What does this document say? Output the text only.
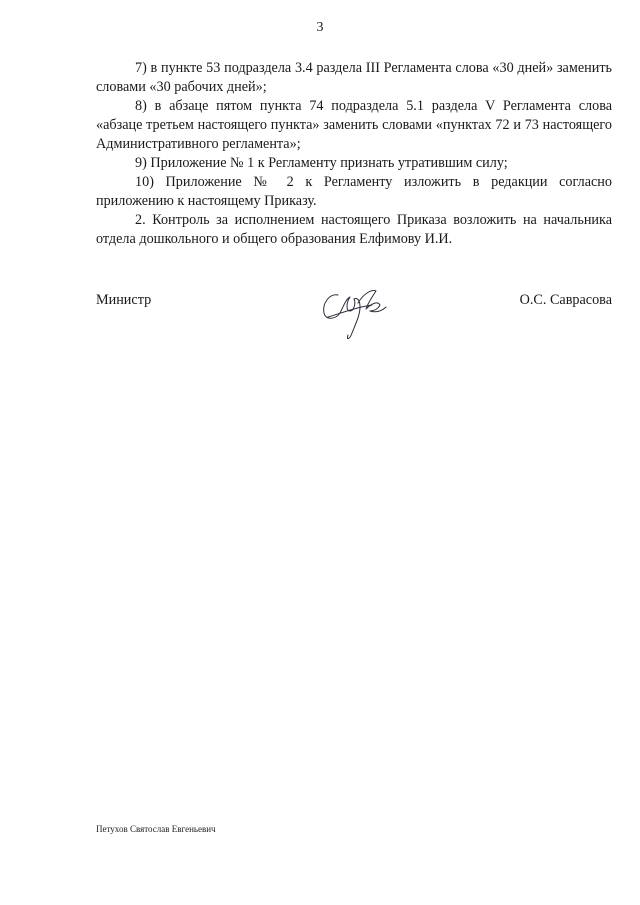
3

7) в пункте 53 подраздела 3.4 раздела III Регламента слова «30 дней» заменить словами «30 рабочих дней»;

8) в абзаце пятом пункта 74 подраздела 5.1 раздела V Регламента слова «абзаце третьем настоящего пункта» заменить словами «пунктах 72 и 73 настоящего Административного регламента»;

9) Приложение № 1 к Регламенту признать утратившим силу;

10) Приложение № 2 к Регламенту изложить в редакции согласно приложению к настоящему Приказу.

2. Контроль за исполнением настоящего Приказа возложить на начальника отдела дошкольного и общего образования Елфимову И.И.

Министр	О.С. Саврасова
Петухов Святослав Евгеньевич
